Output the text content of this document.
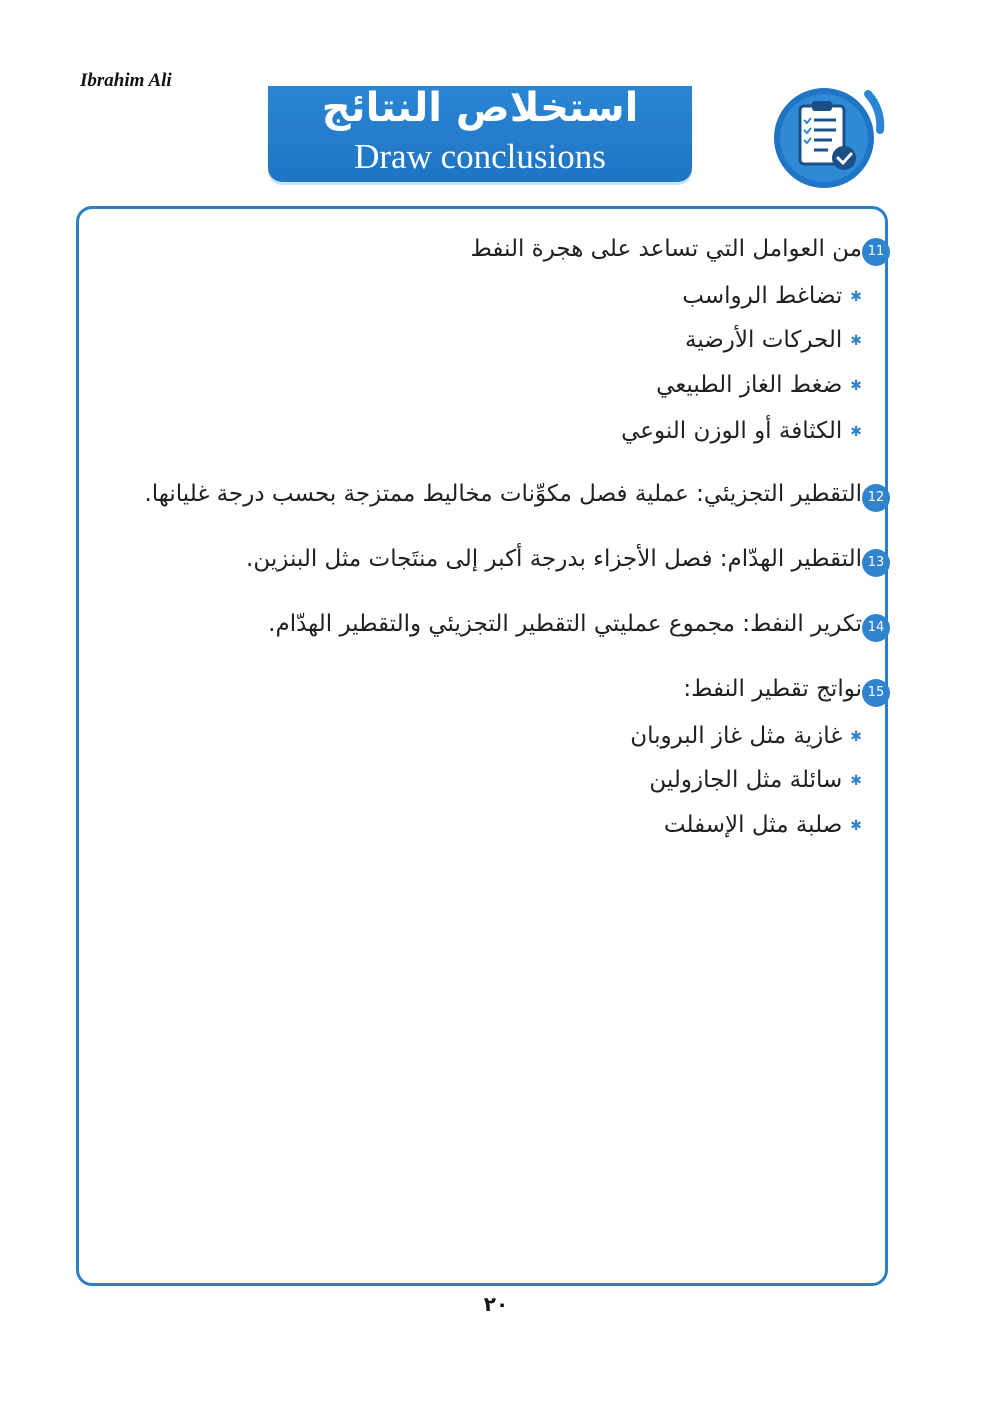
Ibrahim Ali
استخلاص النتائج
Draw conclusions
11
من العوامل التي تساعد على هجرة النفط
✱تضاغط الرواسب
✱الحركات الأرضية
✱ضغط الغاز الطبيعي
✱الكثافة أو الوزن النوعي
12
التقطير التجزيئي: عملية فصل مكوِّنات مخاليط ممتزجة بحسب درجة غليانها.
13
التقطير الهدّام: فصل الأجزاء بدرجة أكبر إلى منتَجات مثل البنزين.
14
تكرير النفط: مجموع عمليتي التقطير التجزيئي والتقطير الهدّام.
15
نواتج تقطير النفط:
✱غازية مثل غاز البروبان
✱سائلة مثل الجازولين
✱صلبة مثل الإسفلت
٢٠
